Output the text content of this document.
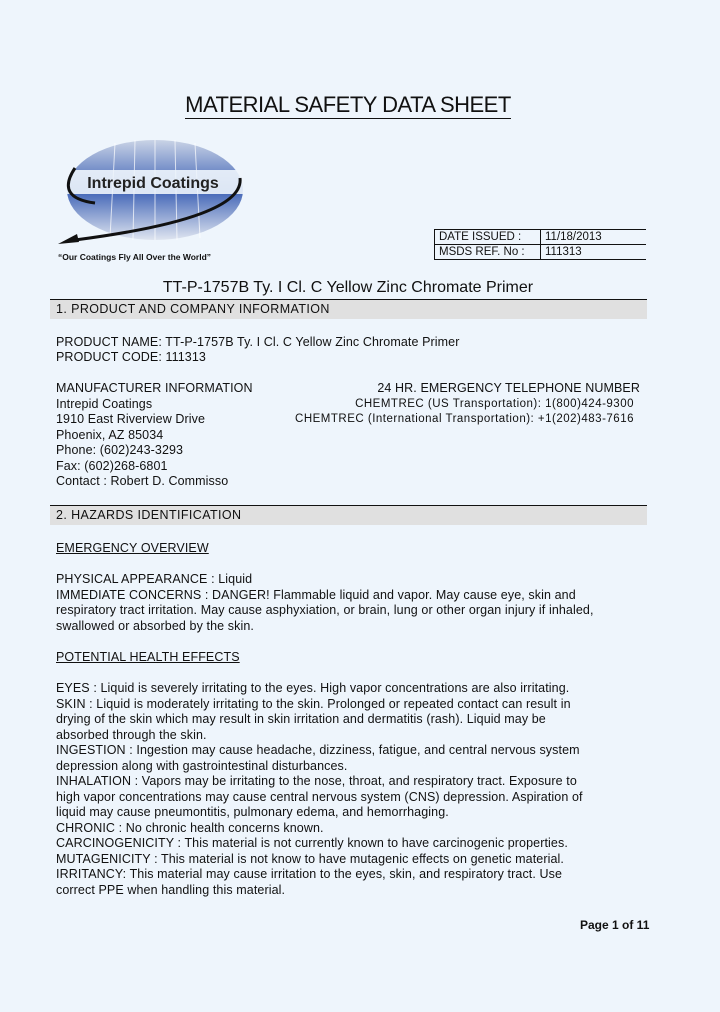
MATERIAL SAFETY DATA SHEET
Intrepid Coatings
“Our Coatings Fly All Over the World”
DATE ISSUED :	11/18/2013
MSDS REF. No :	111313
TT-P-1757B Ty. I Cl. C Yellow Zinc Chromate Primer
1. PRODUCT AND COMPANY INFORMATION
PRODUCT NAME: TT-P-1757B Ty. I Cl. C Yellow Zinc Chromate Primer
PRODUCT CODE: 111313
MANUFACTURER INFORMATION
Intrepid Coatings
1910 East Riverview Drive
Phoenix, AZ 85034
Phone: (602)243-3293
Fax: (602)268-6801
Contact : Robert D. Commisso
24 HR. EMERGENCY TELEPHONE NUMBER
CHEMTREC (US Transportation): 1(800)424-9300
CHEMTREC (International Transportation): +1(202)483-7616
2. HAZARDS IDENTIFICATION
EMERGENCY OVERVIEW
PHYSICAL APPEARANCE : Liquid
IMMEDIATE CONCERNS : DANGER! Flammable liquid and vapor. May cause eye, skin and
respiratory tract irritation. May cause asphyxiation, or brain, lung or other organ injury if inhaled,
swallowed or absorbed by the skin.
POTENTIAL HEALTH EFFECTS
EYES : Liquid is severely irritating to the eyes. High vapor concentrations are also irritating.
SKIN : Liquid is moderately irritating to the skin. Prolonged or repeated contact can result in
drying of the skin which may result in skin irritation and dermatitis (rash). Liquid may be
absorbed through the skin.
INGESTION : Ingestion may cause headache, dizziness, fatigue, and central nervous system
depression along with gastrointestinal disturbances.
INHALATION : Vapors may be irritating to the nose, throat, and respiratory tract. Exposure to
high vapor concentrations may cause central nervous system (CNS) depression. Aspiration of
liquid may cause pneumontitis, pulmonary edema, and hemorrhaging.
CHRONIC : No chronic health concerns known.
CARCINOGENICITY : This material is not currently known to have carcinogenic properties.
MUTAGENICITY : This material is not know to have mutagenic effects on genetic material.
IRRITANCY: This material may cause irritation to the eyes, skin, and respiratory tract. Use
correct PPE when handling this material.
Page 1 of 11
